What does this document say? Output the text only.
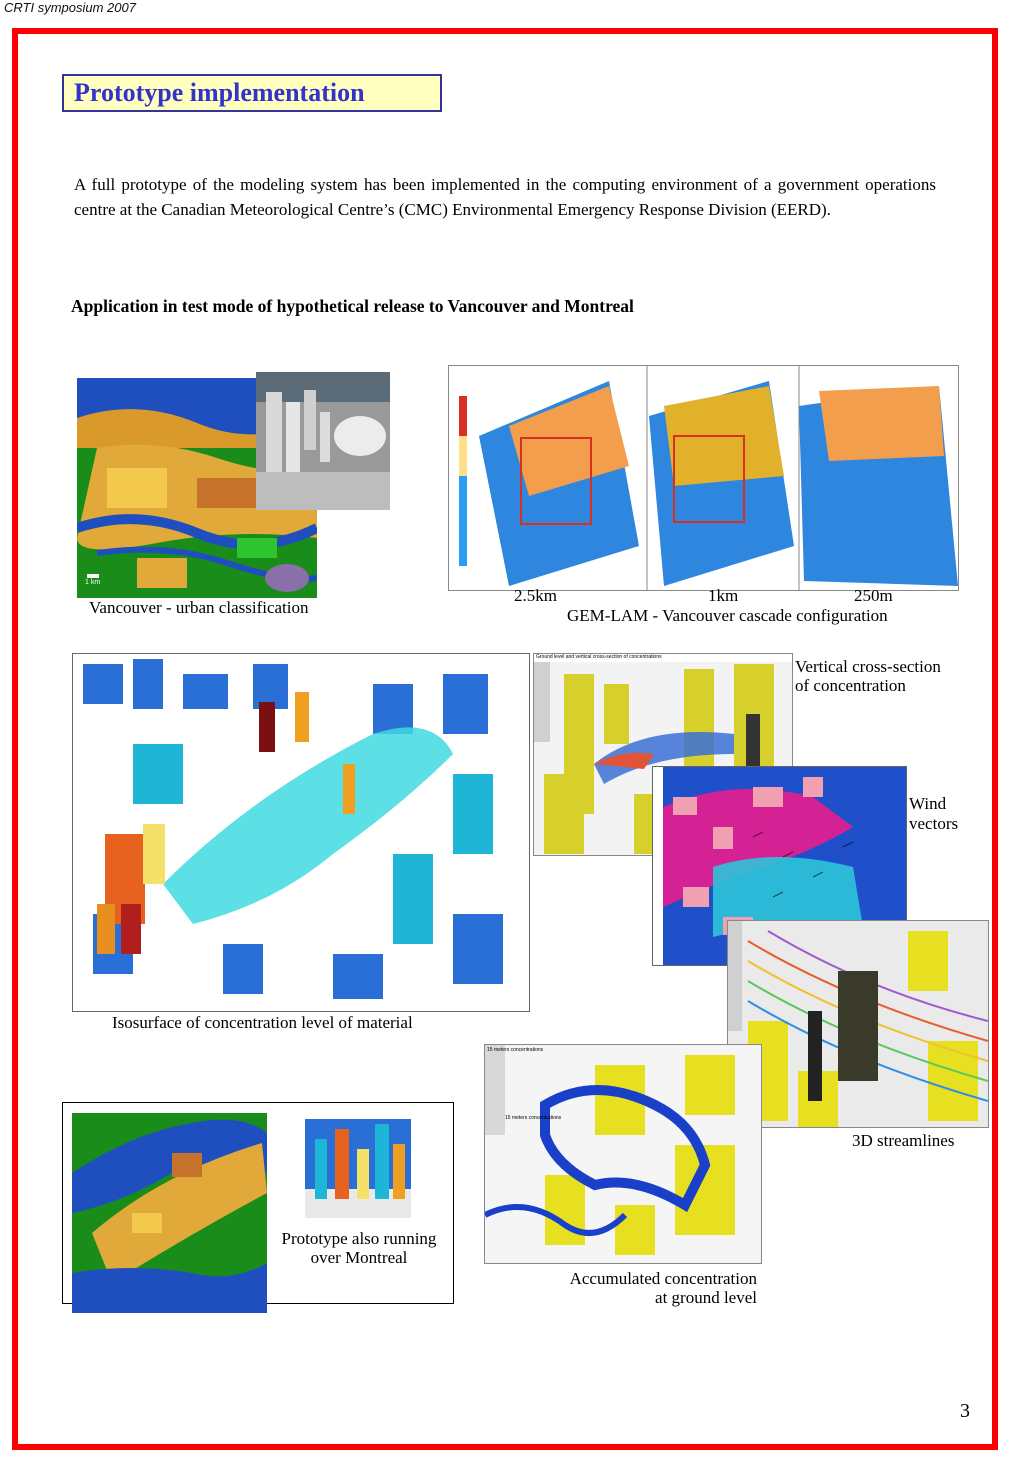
CRTI symposium 2007
Prototype implementation
A full prototype of the modeling system has been implemented in the computing environment of a government operations centre at the Canadian Meteorological Centre’s (CMC) Environmental Emergency Response Division (EERD).
Application in test mode of hypothetical release to Vancouver and Montreal
1 km
Vancouver - urban classification
2.5km	1km	250m
GEM-LAM - Vancouver cascade configuration
Isosurface of concentration level of material
Ground level and vertical cross-section of concentrations	Vertical cross-section
of concentration
Wind
vectors
3D streamlines
15 meters concentrations
15 meters concentrations
Accumulated concentration
at ground level
Prototype also running
over Montreal
3
